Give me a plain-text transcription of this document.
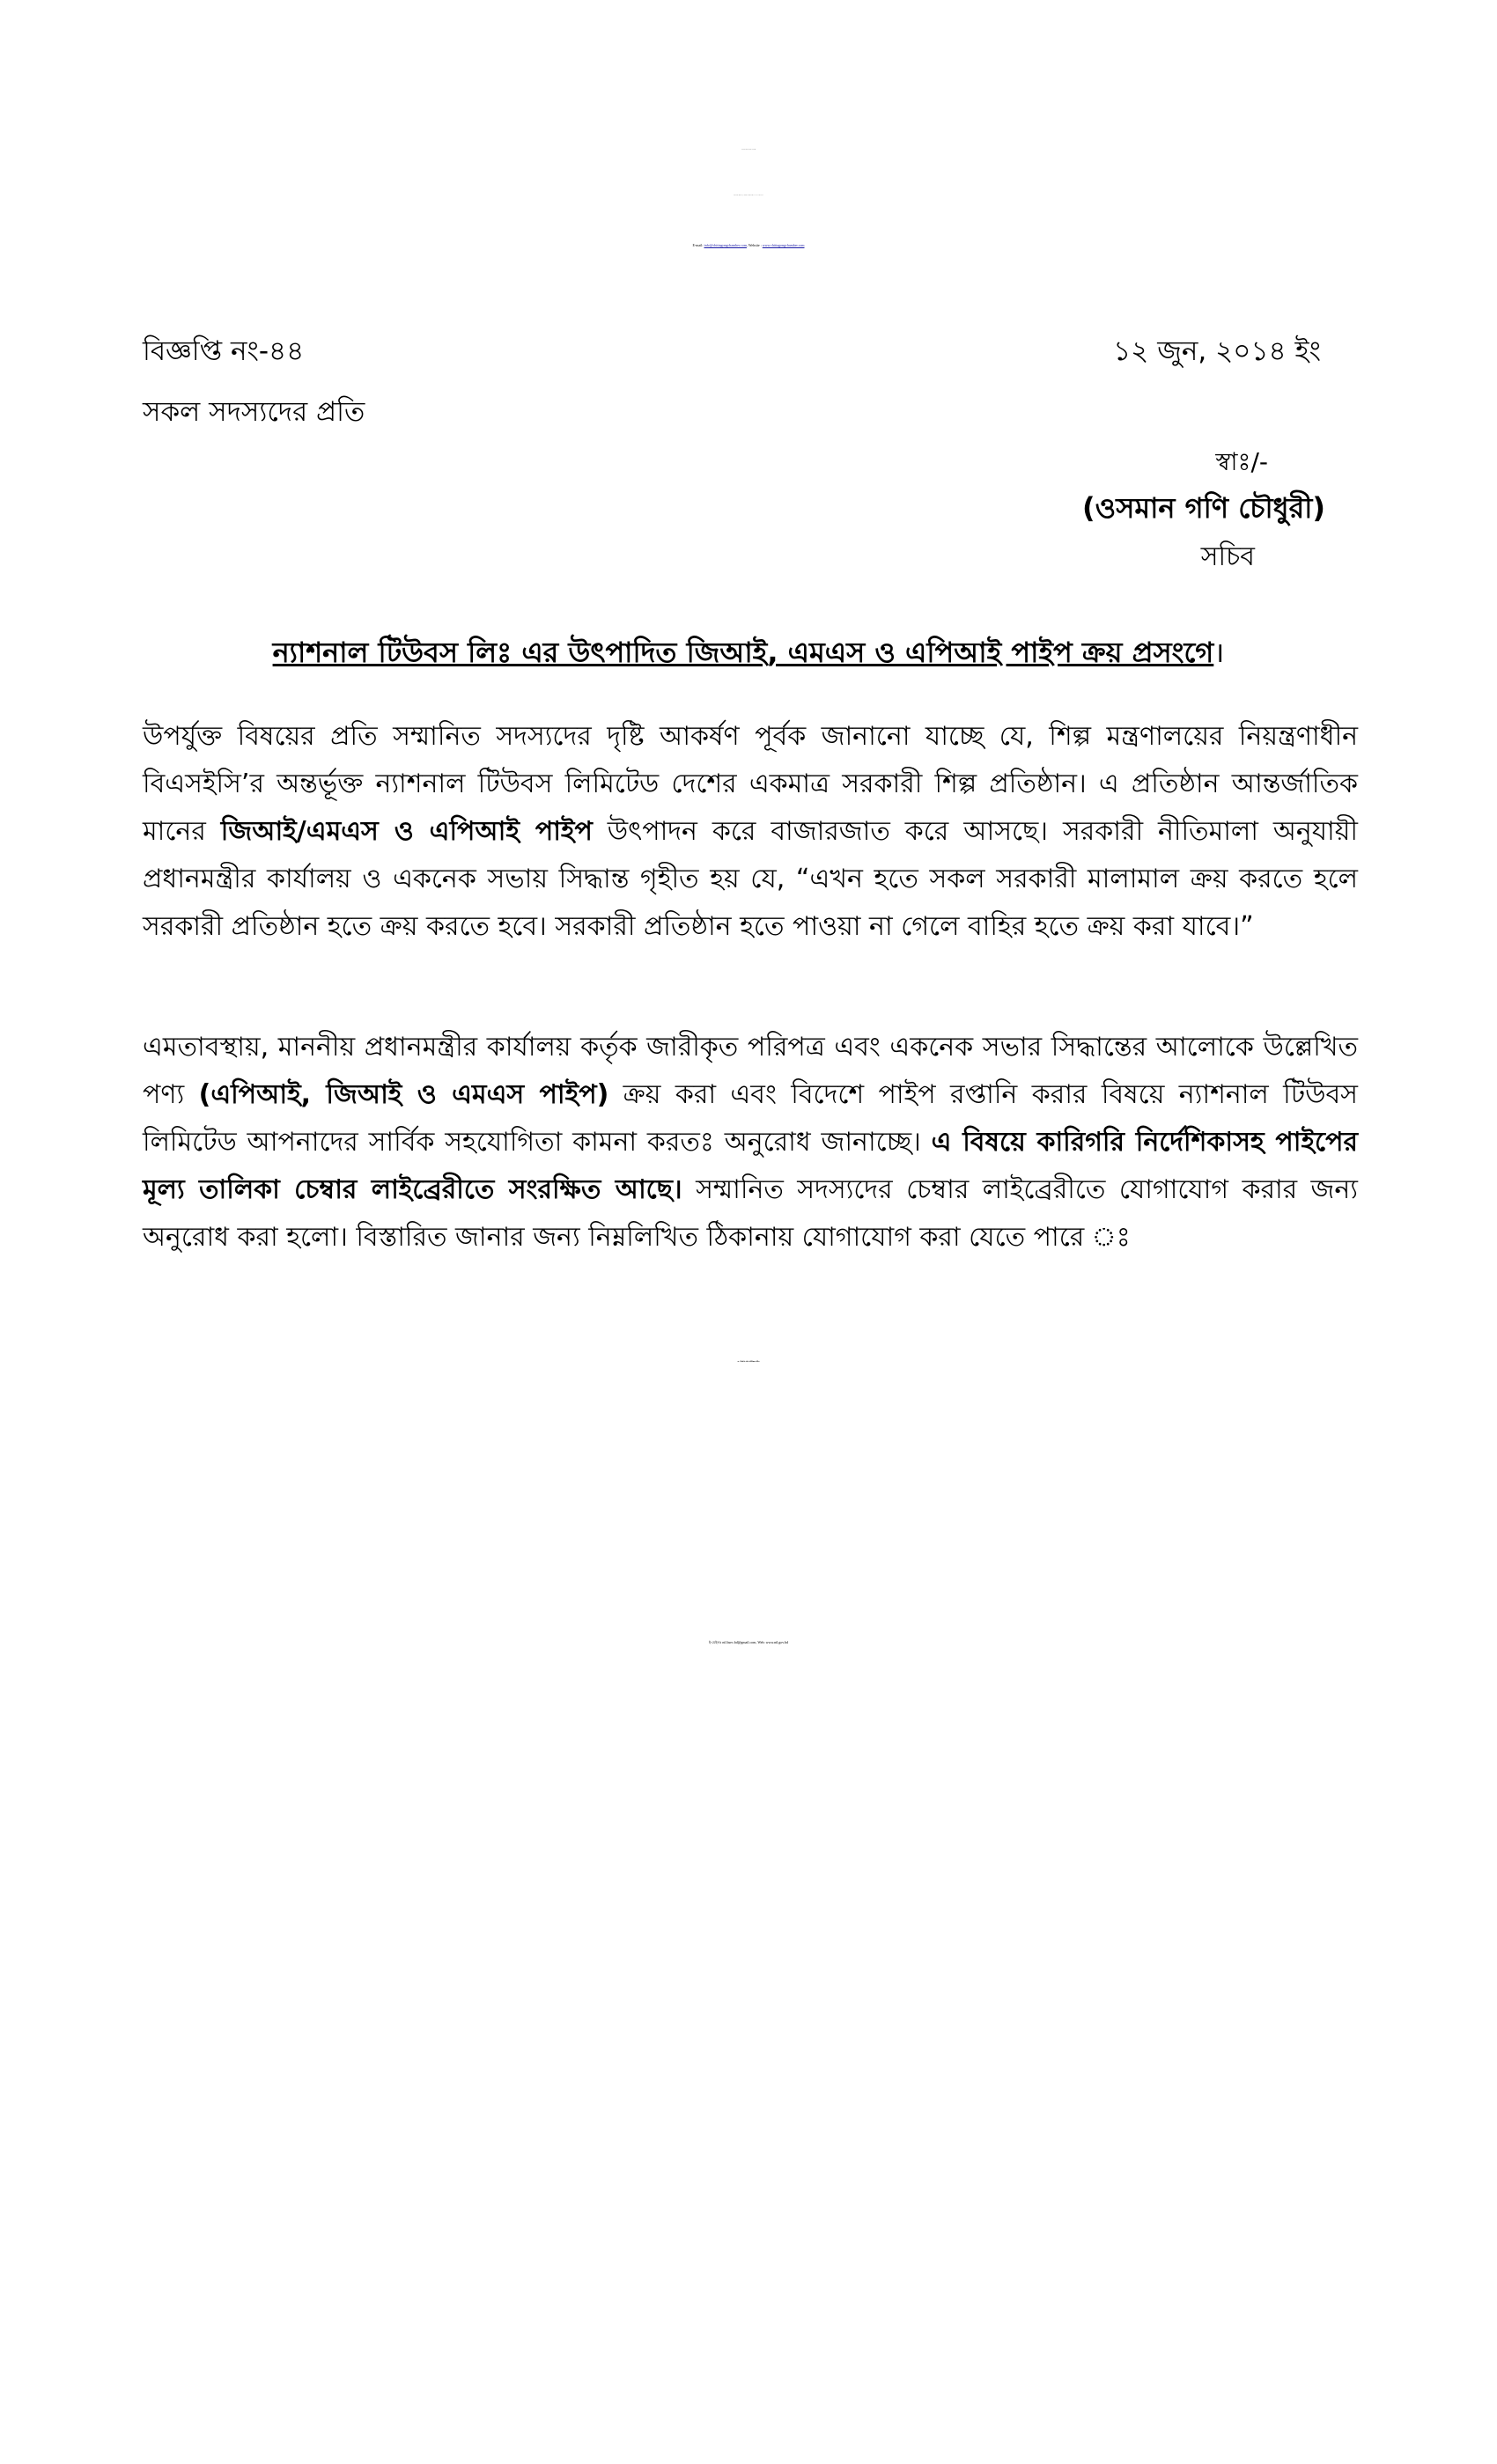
দি চিটাগাং চেম্বার অব কমার্স এন্ড ইন্ডাষ্ট্রি
চেম্বার হাউস, আগ্রাবাদ বা/এ, চট্টগ্রাম।ফোনঃ পিএবিএক্স-৭১৩৩৬৬-৯ ফ্যাক্স-৭১০১৮৩
E-mail: info@chittagongchamber.com, Website : www.chittagongchamber.com
বিজ্ঞপ্তি নং-৪৪	১২ জুন, ২০১৪ ইং
সকল সদস্যদের প্রতি
স্বাঃ/-
(ওসমান গণি চৌধুরী)
সচিব
ন্যাশনাল টিউবস লিঃ এর উৎপাদিত জিআই, এমএস ও এপিআই পাইপ ক্রয় প্রসংগে।
উপর্যুক্ত বিষয়ের প্রতি সম্মানিত সদস্যদের দৃষ্টি আকর্ষণ পূর্বক জানানো যাচ্ছে যে, শিল্প মন্ত্রণালয়ের নিয়ন্ত্রণাধীন বিএসইসি’র অন্তর্ভূক্ত ন্যাশনাল টিউবস লিমিটেড দেশের একমাত্র সরকারী শিল্প প্রতিষ্ঠান। এ প্রতিষ্ঠান আন্তর্জাতিক মানের জিআই/এমএস ও এপিআই পাইপ উৎপাদন করে বাজারজাত করে আসছে। সরকারী নীতিমালা অনুযায়ী প্রধানমন্ত্রীর কার্যালয় ও একনেক সভায় সিদ্ধান্ত গৃহীত হয় যে, “এখন হতে সকল সরকারী মালামাল ক্রয় করতে হলে সরকারী প্রতিষ্ঠান হতে ক্রয় করতে হবে। সরকারী প্রতিষ্ঠান হতে পাওয়া না গেলে বাহির হতে ক্রয় করা যাবে।”
এমতাবস্থায়, মাননীয় প্রধানমন্ত্রীর কার্যালয় কর্তৃক জারীকৃত পরিপত্র এবং একনেক সভার সিদ্ধান্তের আলোকে উল্লেখিত পণ্য (এপিআই, জিআই ও এমএস পাইপ) ক্রয় করা এবং বিদেশে পাইপ রপ্তানি করার বিষয়ে ন্যাশনাল টিউবস লিমিটেড আপনাদের সার্বিক সহযোগিতা কামনা করতঃ অনুরোধ জানাচ্ছে। এ বিষয়ে কারিগরি নির্দেশিকাসহ পাইপের মূল্য তালিকা চেম্বার লাইব্রেরীতে সংরক্ষিত আছে। সম্মানিত সদস্যদের চেম্বার লাইব্রেরীতে যোগাযোগ করার জন্য অনুরোধ করা হলো। বিস্তারিত জানার জন্য নিম্নলিখিত ঠিকানায় যোগাযোগ করা যেতে পারে ঃ
ড. প্রকৌঃ মোঃ আমিরুল মমিন
ই-মেইলঃ ntl.bsec.bd@gmail.com, Web: www.ntl.gov.bd
